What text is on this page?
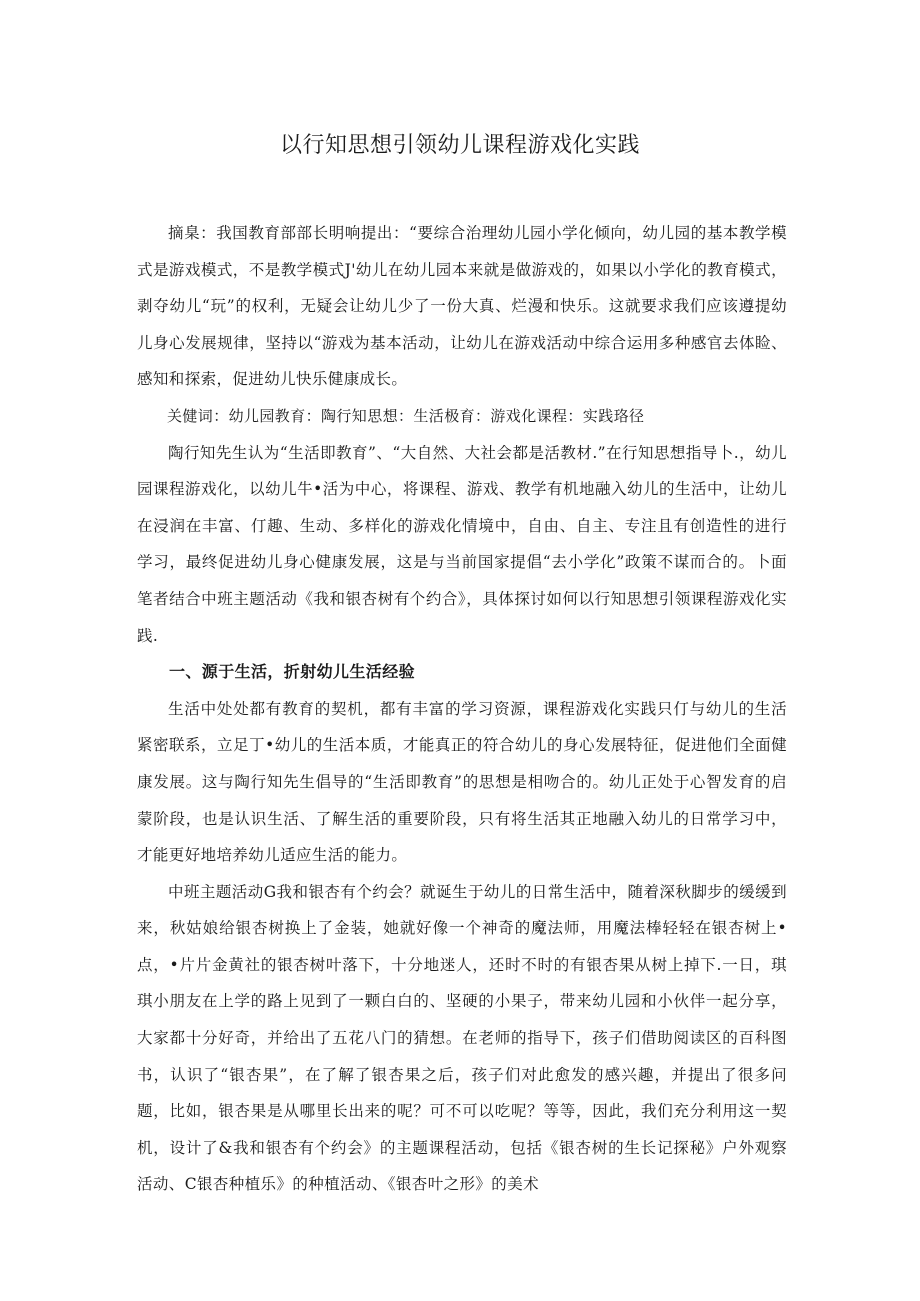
以行知思想引领幼儿课程游戏化实践

摘臬：我国教育部部长明响提出：“要综合治理幼儿园小学化倾向，幼儿园的基本教学模式是游戏模式，不是教学模式J'幼儿在幼儿园本来就是做游戏的，如果以小学化的教育模式，剥夺幼儿“玩”的权利，无疑会让幼儿少了一份大真、烂漫和快乐。这就要求我们应该遵提幼儿身心发展规律，坚持以“游戏为基本活动，让幼儿在游戏活动中综合运用多种感官去体睑、感知和探索，促进幼儿快乐健康成长。

关健词：幼儿园教育：陶行知思想：生活极育：游戏化课程：实践珞径

陶行知先生认为“生活即教育”、“大自然、大社会都是活教材.”在行知思想指导卜.，幼儿园课程游戏化，以幼儿牛•活为中心，将课程、游戏、教学有机地融入幼儿的生活中，让幼儿在浸润在丰富、仃趣、生动、多样化的游戏化情境中，自由、自主、专注且有创造性的进行学习，最终促进幼儿身心健康发展，这是与当前国家提倡“去小学化”政策不谋而合的。卜面笔者结合中班主题活动《我和银杏树有个约合》，具体探讨如何以行知思想引领课程游戏化实践.

一、源于生活，折射幼儿生活经验

生活中处处都有教育的契机，都有丰富的学习资源，课程游戏化实践只仃与幼儿的生活紧密联系，立足丁•幼儿的生活本质，才能真正的符合幼儿的身心发展特征，促进他们全面健康发展。这与陶行知先生倡导的“生活即教育”的思想是相吻合的。幼儿正处于心智发育的启蒙阶段，也是认识生活、了解生活的重要阶段，只有将生活其正地融入幼儿的日常学习中，才能更好地培养幼儿适应生活的能力。

中班主题活动G我和银杏有个约会？就诞生于幼儿的日常生活中，随着深秋脚步的缓缓到来，秋姑娘给银杏树换上了金装，她就好像一个神奇的魔法师，用魔法棒轻轻在银杏树上•点，•片片金黄社的银杏树叶落下，十分地迷人，还时不时的有银杏果从树上掉下.一日，琪琪小朋友在上学的路上见到了一颗白白的、坚硬的小果子，带来幼儿园和小伙伴一起分享，大家都十分好奇，并给出了五花八门的猜想。在老师的指导下，孩子们借助阅读区的百科图书，认识了“银杏果”，在了解了银杏果之后，孩子们对此愈发的感兴趣，并提出了很多问题，比如，银杏果是从哪里长出来的呢？可不可以吃呢？等等，因此，我们充分利用这一契机，设计了&我和银杏有个约会》的主题课程活动，包括《银杏树的生长记探秘》户外观察活动、C银杏种植乐》的种植活动、《银杏叶之形》的美术
